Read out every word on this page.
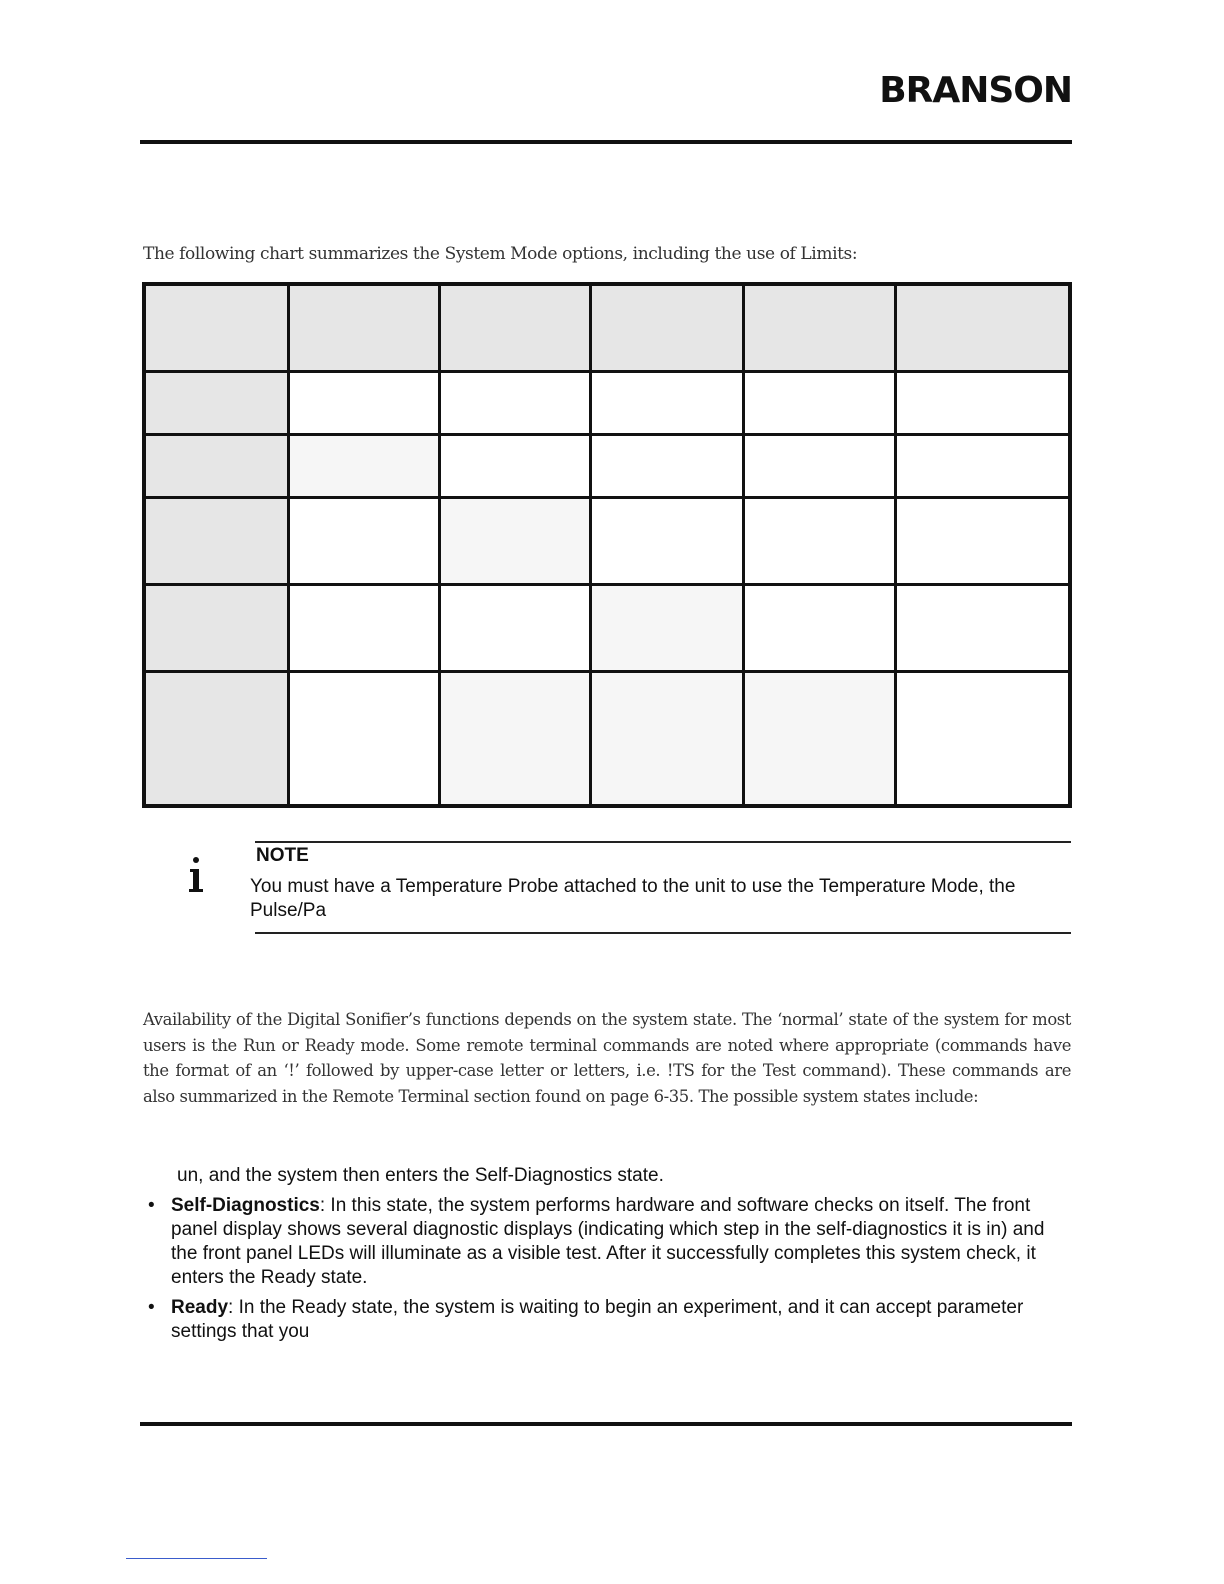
BRANSON
The following chart summarizes the System Mode options, including the use of Limits:

NOTE
You must have a Temperature Probe attached to the unit to use the Temperature Mode, the Pulse/Pa
Availability of the Digital Sonifier’s functions depends on the system state. The ‘normal’ state of the system for most users is the Run or Ready mode. Some remote terminal commands are noted where appropriate (commands have the format of an ‘!’ followed by upper-case letter or letters, i.e. !TS for the Test command). These commands are also summarized in the Remote Terminal section found on page 6-35. The possible system states include:
un, and the system then enters the Self-Diagnostics state.
• Self-Diagnostics: In this state, the system performs hardware and software checks on itself. The front panel display shows several diagnostic displays (indicating which step in the self-diagnostics it is in) and the front panel LEDs will illuminate as a visible test. After it successfully completes this system check, it enters the Ready state.
• Ready: In the Ready state, the system is waiting to begin an experiment, and it can accept parameter settings that you
